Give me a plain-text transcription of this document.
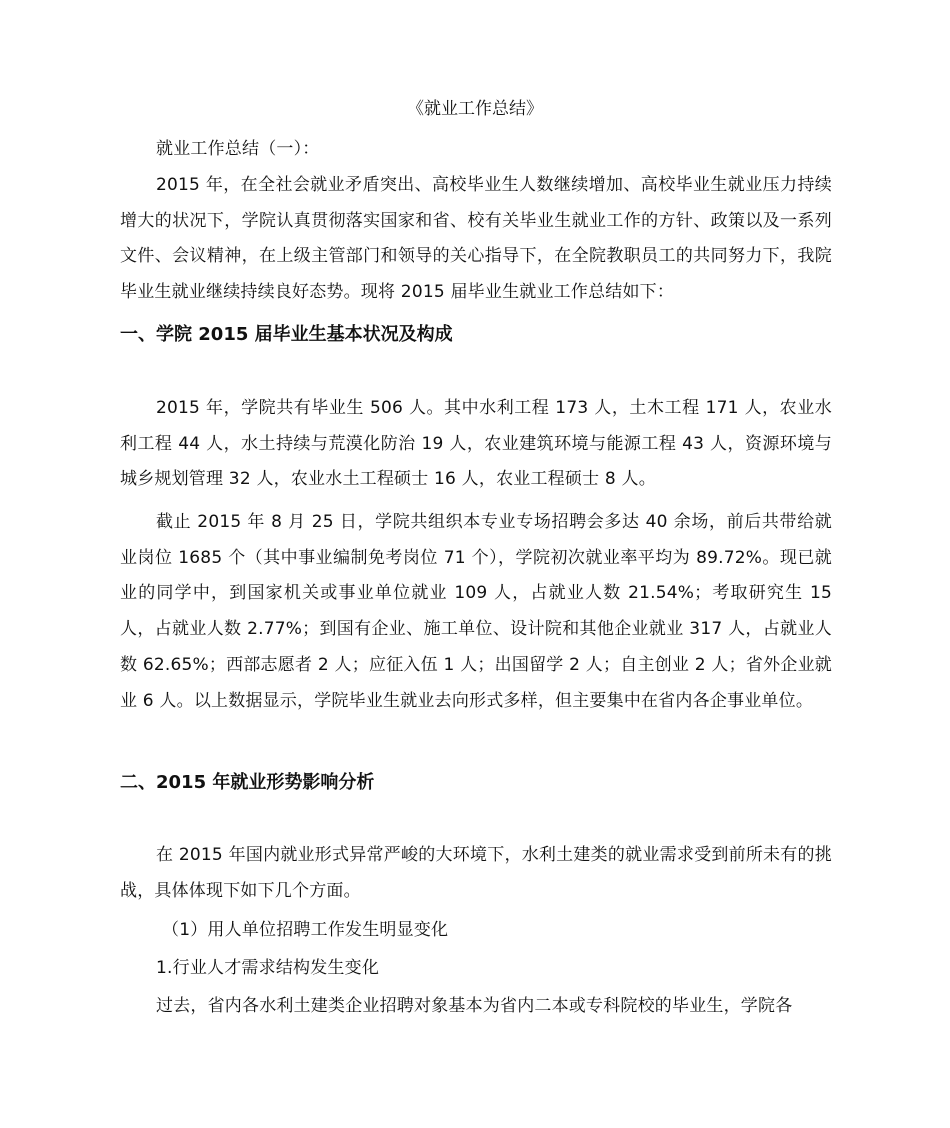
《就业工作总结》
就业工作总结（一）：
2015 年，在全社会就业矛盾突出、高校毕业生人数继续增加、高校毕业生就业压力持续增大的状况下，学院认真贯彻落实国家和省、校有关毕业生就业工作的方针、政策以及一系列文件、会议精神，在上级主管部门和领导的关心指导下，在全院教职员工的共同努力下，我院毕业生就业继续持续良好态势。现将 2015 届毕业生就业工作总结如下：
一、学院 2015 届毕业生基本状况及构成
2015 年，学院共有毕业生 506 人。其中水利工程 173 人，土木工程 171 人，农业水利工程 44 人，水土持续与荒漠化防治 19 人，农业建筑环境与能源工程 43 人，资源环境与城乡规划管理 32 人，农业水土工程硕士 16 人，农业工程硕士 8 人。
截止 2015 年 8 月 25 日，学院共组织本专业专场招聘会多达 40 余场，前后共带给就业岗位 1685 个（其中事业编制免考岗位 71 个），学院初次就业率平均为 89.72%。现已就业的同学中，到国家机关或事业单位就业 109 人，占就业人数 21.54%；考取研究生 15 人，占就业人数 2.77%；到国有企业、施工单位、设计院和其他企业就业 317 人，占就业人数 62.65%；西部志愿者 2 人；应征入伍 1 人；出国留学 2 人；自主创业 2 人；省外企业就业 6 人。以上数据显示，学院毕业生就业去向形式多样，但主要集中在省内各企事业单位。
二、2015 年就业形势影响分析
在 2015 年国内就业形式异常严峻的大环境下，水利土建类的就业需求受到前所未有的挑战，具体体现下如下几个方面。
（1）用人单位招聘工作发生明显变化
1.行业人才需求结构发生变化
过去，省内各水利土建类企业招聘对象基本为省内二本或专科院校的毕业生，学院各
